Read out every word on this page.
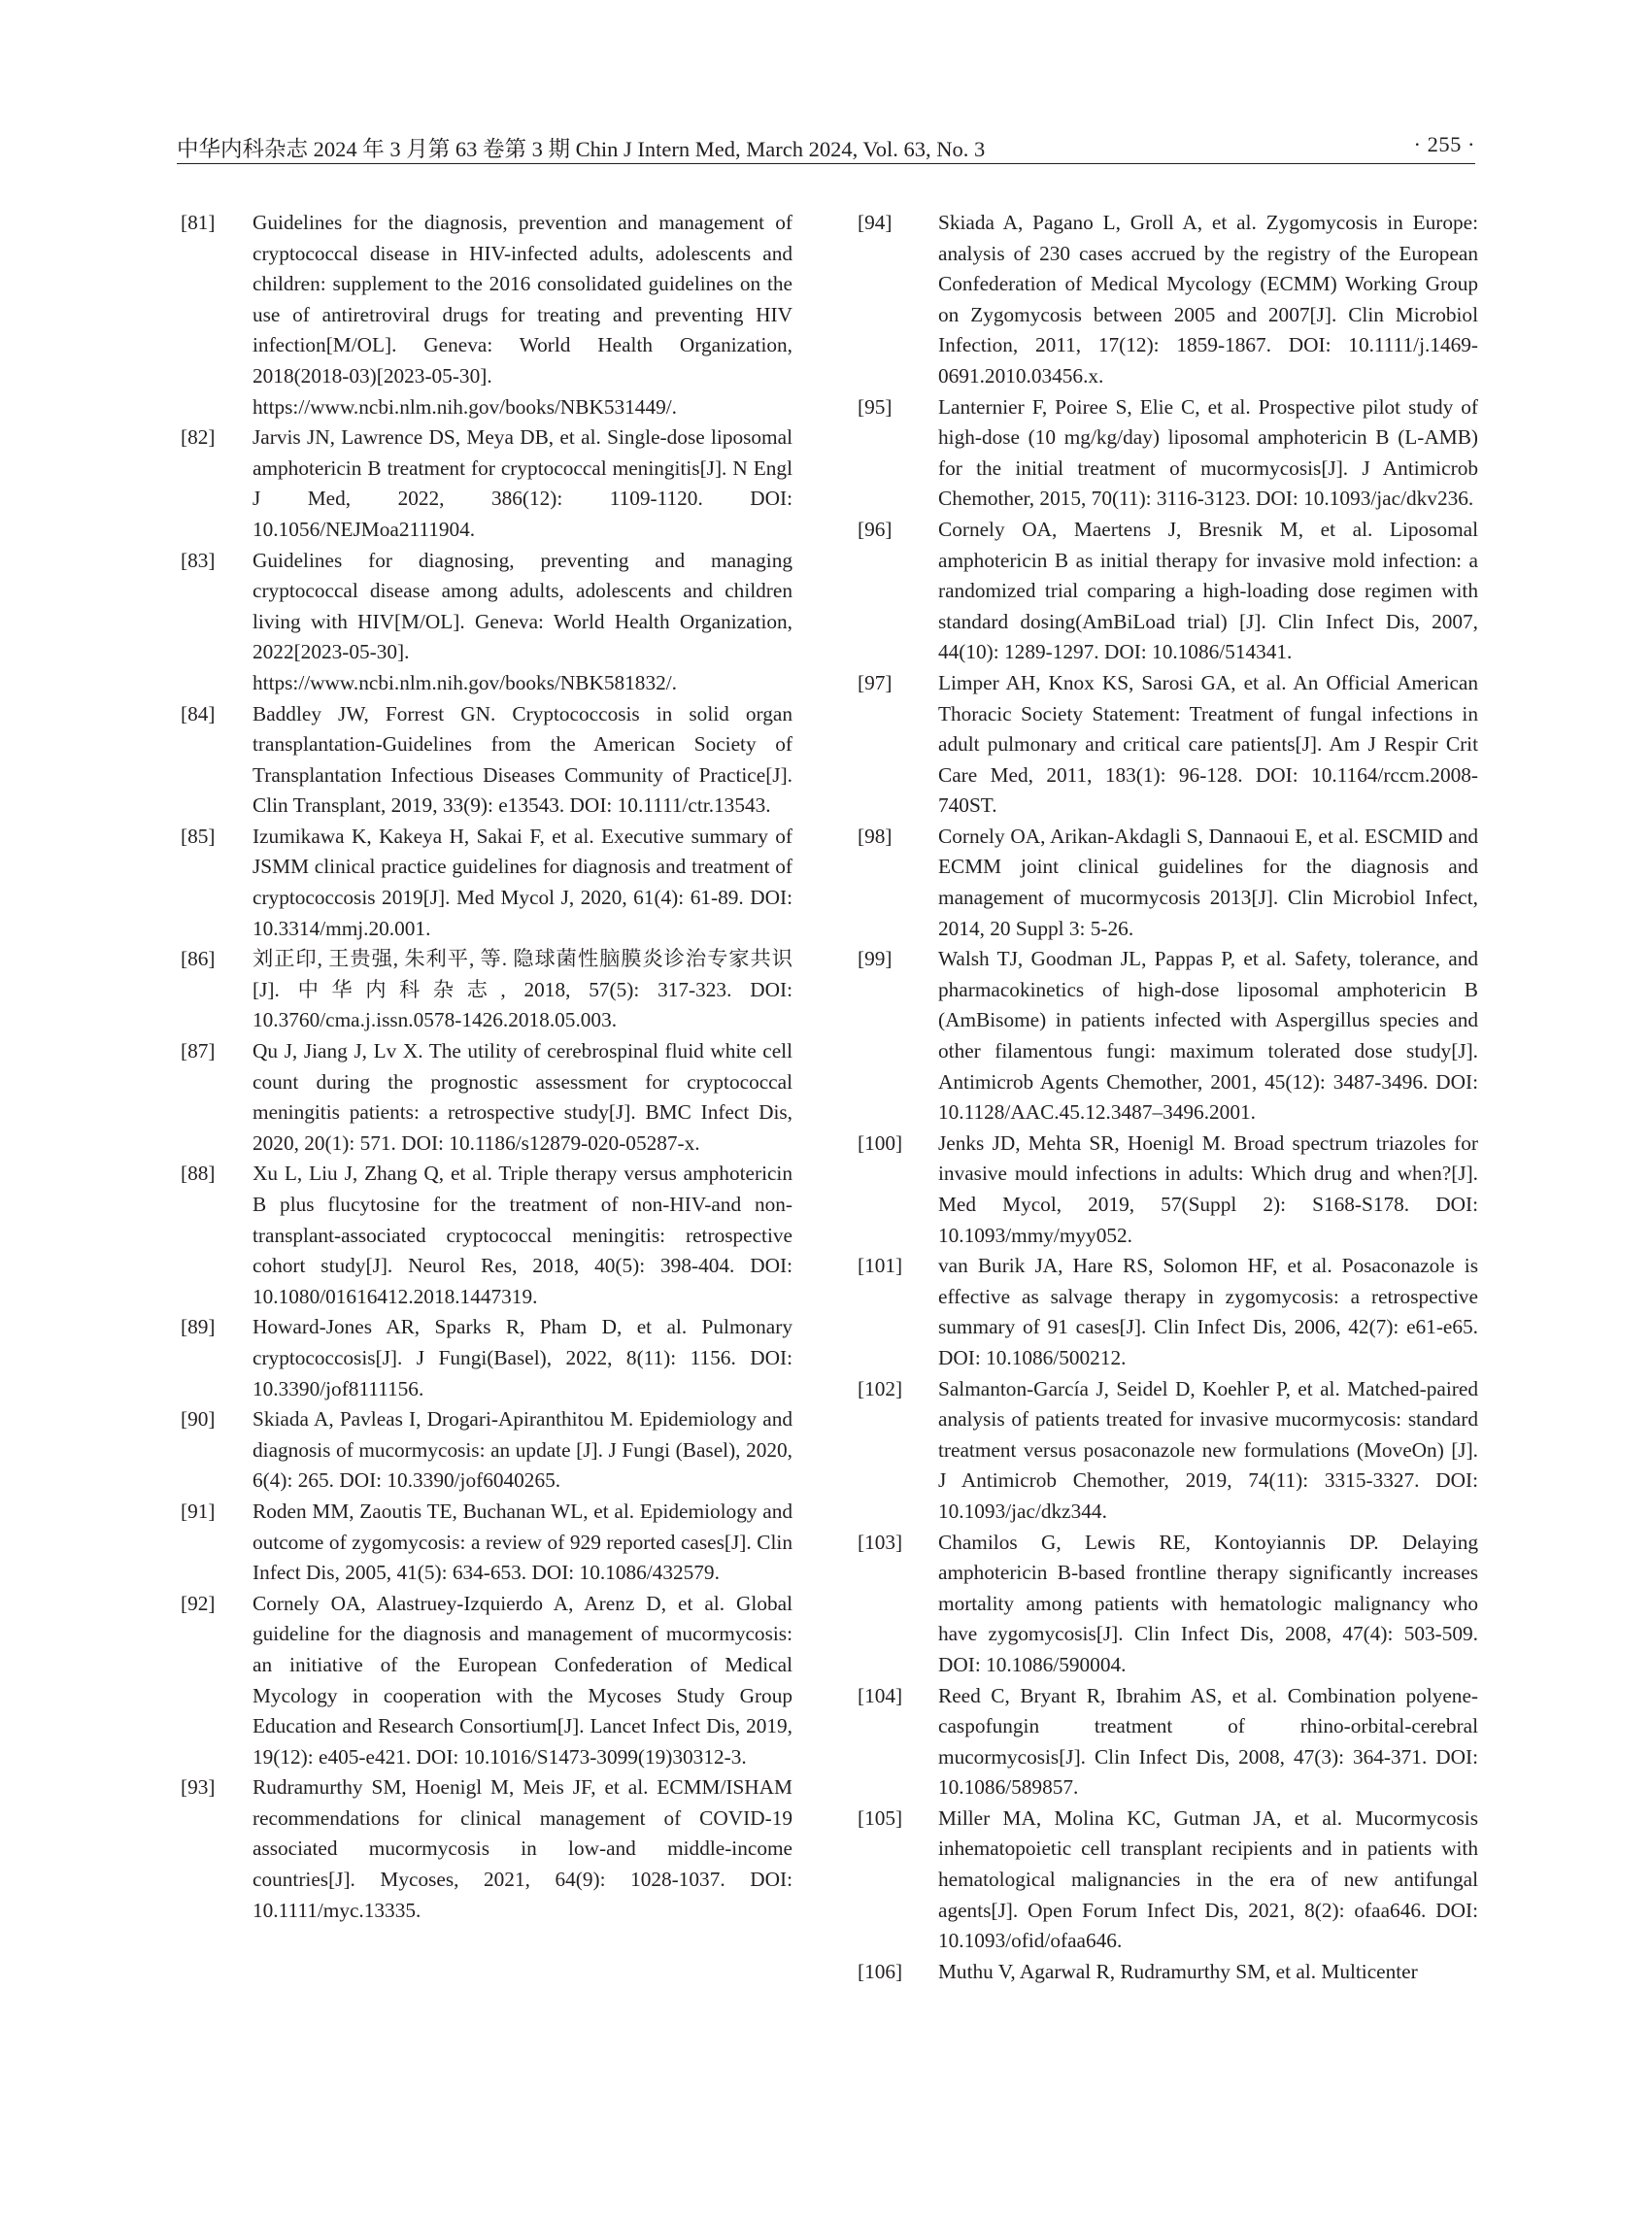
中华内科杂志 2024 年 3 月第 63 卷第 3 期 Chin J Intern Med, March 2024, Vol. 63, No. 3	· 255 ·
[81] Guidelines for the diagnosis, prevention and management of cryptococcal disease in HIV-infected adults, adolescents and children: supplement to the 2016 consolidated guidelines on the use of antiretroviral drugs for treating and preventing HIV infection[M/OL]. Geneva: World Health Organization, 2018(2018-03)[2023-05-30]. https://www.ncbi.nlm.nih.gov/books/NBK531449/.
[82] Jarvis JN, Lawrence DS, Meya DB, et al. Single-dose liposomal amphotericin B treatment for cryptococcal meningitis[J]. N Engl J Med, 2022, 386(12): 1109-1120. DOI: 10.1056/NEJMoa2111904.
[83] Guidelines for diagnosing, preventing and managing cryptococcal disease among adults, adolescents and children living with HIV[M/OL]. Geneva: World Health Organization, 2022[2023-05-30]. https://www.ncbi.nlm.nih.gov/books/NBK581832/.
[84] Baddley JW, Forrest GN. Cryptococcosis in solid organ transplantation-Guidelines from the American Society of Transplantation Infectious Diseases Community of Practice[J]. Clin Transplant, 2019, 33(9): e13543. DOI: 10.1111/ctr.13543.
[85] Izumikawa K, Kakeya H, Sakai F, et al. Executive summary of JSMM clinical practice guidelines for diagnosis and treatment of cryptococcosis 2019[J]. Med Mycol J, 2020, 61(4): 61-89. DOI: 10.3314/mmj.20.001.
[86] 刘正印, 王贵强, 朱利平, 等. 隐球菌性脑膜炎诊治专家共识[J]. 中华内科杂志, 2018, 57(5): 317-323. DOI: 10.3760/cma.j.issn.0578-1426.2018.05.003.
[87] Qu J, Jiang J, Lv X. The utility of cerebrospinal fluid white cell count during the prognostic assessment for cryptococcal meningitis patients: a retrospective study[J]. BMC Infect Dis, 2020, 20(1): 571. DOI: 10.1186/s12879-020-05287-x.
[88] Xu L, Liu J, Zhang Q, et al. Triple therapy versus amphotericin B plus flucytosine for the treatment of non-HIV-and non-transplant-associated cryptococcal meningitis: retrospective cohort study[J]. Neurol Res, 2018, 40(5): 398-404. DOI: 10.1080/01616412.2018.1447319.
[89] Howard-Jones AR, Sparks R, Pham D, et al. Pulmonary cryptococcosis[J]. J Fungi(Basel), 2022, 8(11): 1156. DOI: 10.3390/jof8111156.
[90] Skiada A, Pavleas I, Drogari-Apiranthitou M. Epidemiology and diagnosis of mucormycosis: an update [J]. J Fungi (Basel), 2020, 6(4): 265. DOI: 10.3390/jof6040265.
[91] Roden MM, Zaoutis TE, Buchanan WL, et al. Epidemiology and outcome of zygomycosis: a review of 929 reported cases[J]. Clin Infect Dis, 2005, 41(5): 634-653. DOI: 10.1086/432579.
[92] Cornely OA, Alastruey-Izquierdo A, Arenz D, et al. Global guideline for the diagnosis and management of mucormycosis: an initiative of the European Confederation of Medical Mycology in cooperation with the Mycoses Study Group Education and Research Consortium[J]. Lancet Infect Dis, 2019, 19(12): e405-e421. DOI: 10.1016/S1473-3099(19)30312-3.
[93] Rudramurthy SM, Hoenigl M, Meis JF, et al. ECMM/ISHAM recommendations for clinical management of COVID-19 associated mucormycosis in low-and middle-income countries[J]. Mycoses, 2021, 64(9): 1028-1037. DOI: 10.1111/myc.13335.
[94] Skiada A, Pagano L, Groll A, et al. Zygomycosis in Europe: analysis of 230 cases accrued by the registry of the European Confederation of Medical Mycology (ECMM) Working Group on Zygomycosis between 2005 and 2007[J]. Clin Microbiol Infection, 2011, 17(12): 1859-1867. DOI: 10.1111/j.1469-0691.2010.03456.x.
[95] Lanternier F, Poiree S, Elie C, et al. Prospective pilot study of high-dose (10 mg/kg/day) liposomal amphotericin B (L-AMB) for the initial treatment of mucormycosis[J]. J Antimicrob Chemother, 2015, 70(11): 3116-3123. DOI: 10.1093/jac/dkv236.
[96] Cornely OA, Maertens J, Bresnik M, et al. Liposomal amphotericin B as initial therapy for invasive mold infection: a randomized trial comparing a high-loading dose regimen with standard dosing(AmBiLoad trial) [J]. Clin Infect Dis, 2007, 44(10): 1289-1297. DOI: 10.1086/514341.
[97] Limper AH, Knox KS, Sarosi GA, et al. An Official American Thoracic Society Statement: Treatment of fungal infections in adult pulmonary and critical care patients[J]. Am J Respir Crit Care Med, 2011, 183(1): 96-128. DOI: 10.1164/rccm.2008-740ST.
[98] Cornely OA, Arikan-Akdagli S, Dannaoui E, et al. ESCMID and ECMM joint clinical guidelines for the diagnosis and management of mucormycosis 2013[J]. Clin Microbiol Infect, 2014, 20 Suppl 3: 5-26.
[99] Walsh TJ, Goodman JL, Pappas P, et al. Safety, tolerance, and pharmacokinetics of high-dose liposomal amphotericin B (AmBisome) in patients infected with Aspergillus species and other filamentous fungi: maximum tolerated dose study[J]. Antimicrob Agents Chemother, 2001, 45(12): 3487-3496. DOI: 10.1128/AAC.45.12.3487–3496.2001.
[100] Jenks JD, Mehta SR, Hoenigl M. Broad spectrum triazoles for invasive mould infections in adults: Which drug and when?[J]. Med Mycol, 2019, 57(Suppl 2): S168-S178. DOI: 10.1093/mmy/myy052.
[101] van Burik JA, Hare RS, Solomon HF, et al. Posaconazole is effective as salvage therapy in zygomycosis: a retrospective summary of 91 cases[J]. Clin Infect Dis, 2006, 42(7): e61-e65. DOI: 10.1086/500212.
[102] Salmanton-García J, Seidel D, Koehler P, et al. Matched-paired analysis of patients treated for invasive mucormycosis: standard treatment versus posaconazole new formulations (MoveOn) [J]. J Antimicrob Chemother, 2019, 74(11): 3315-3327. DOI: 10.1093/jac/dkz344.
[103] Chamilos G, Lewis RE, Kontoyiannis DP. Delaying amphotericin B-based frontline therapy significantly increases mortality among patients with hematologic malignancy who have zygomycosis[J]. Clin Infect Dis, 2008, 47(4): 503-509. DOI: 10.1086/590004.
[104] Reed C, Bryant R, Ibrahim AS, et al. Combination polyene-caspofungin treatment of rhino-orbital-cerebral mucormycosis[J]. Clin Infect Dis, 2008, 47(3): 364-371. DOI: 10.1086/589857.
[105] Miller MA, Molina KC, Gutman JA, et al. Mucormycosis inhematopoietic cell transplant recipients and in patients with hematological malignancies in the era of new antifungal agents[J]. Open Forum Infect Dis, 2021, 8(2): ofaa646. DOI: 10.1093/ofid/ofaa646.
[106] Muthu V, Agarwal R, Rudramurthy SM, et al. Multicenter
